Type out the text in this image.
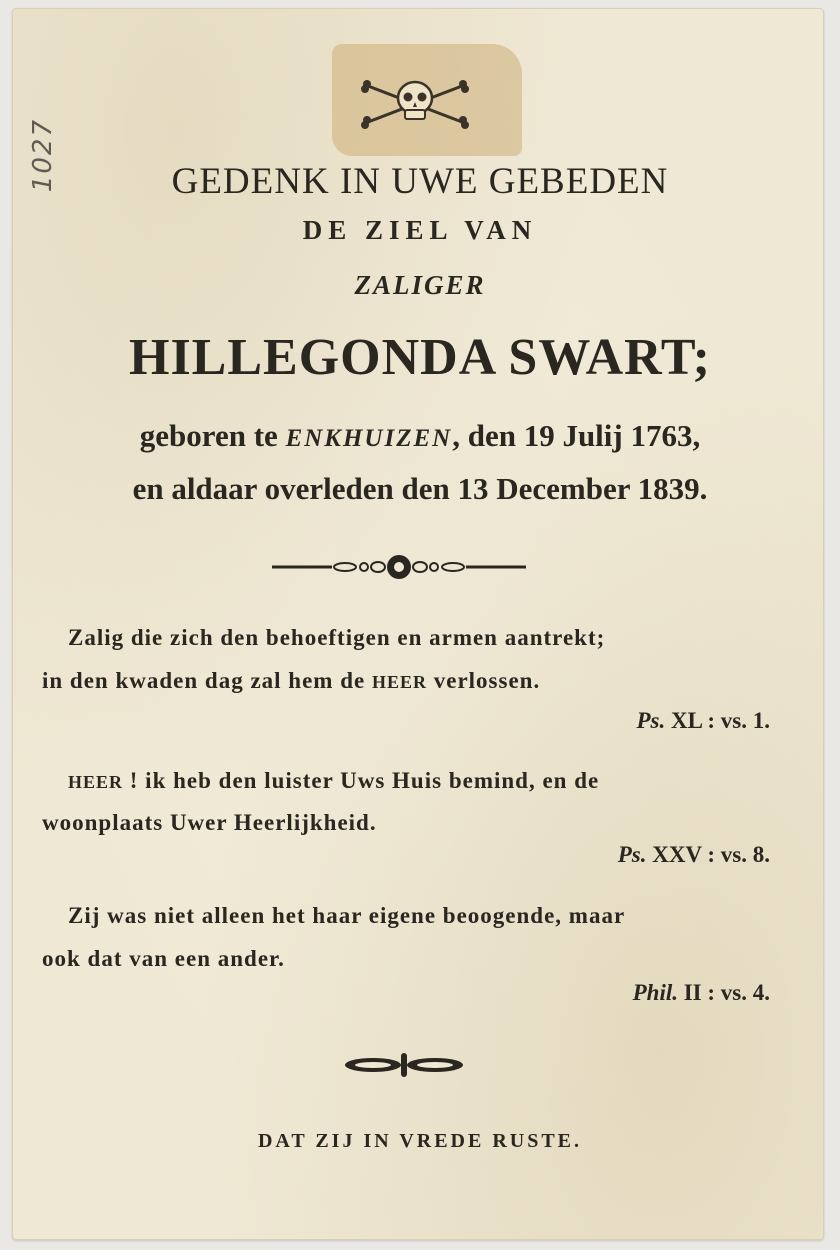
1027	GEDENK IN UWE GEBEDEN
DE ZIEL VAN
ZALIGER
HILLEGONDA SWART;
geboren te ENKHUIZEN, den 19 Julij 1763,
en aldaar overleden den 13 December 1839.
Zalig die zich den behoeftigen en armen aantrekt;
in den kwaden dag zal hem de HEER verlossen.
Ps. XL : vs. 1.
HEER ! ik heb den luister Uws Huis bemind, en de
woonplaats Uwer Heerlijkheid.
Ps. XXV : vs. 8.
Zij was niet alleen het haar eigene beoogende, maar
ook dat van een ander.
Phil. II : vs. 4.
DAT ZIJ IN VREDE RUSTE.
